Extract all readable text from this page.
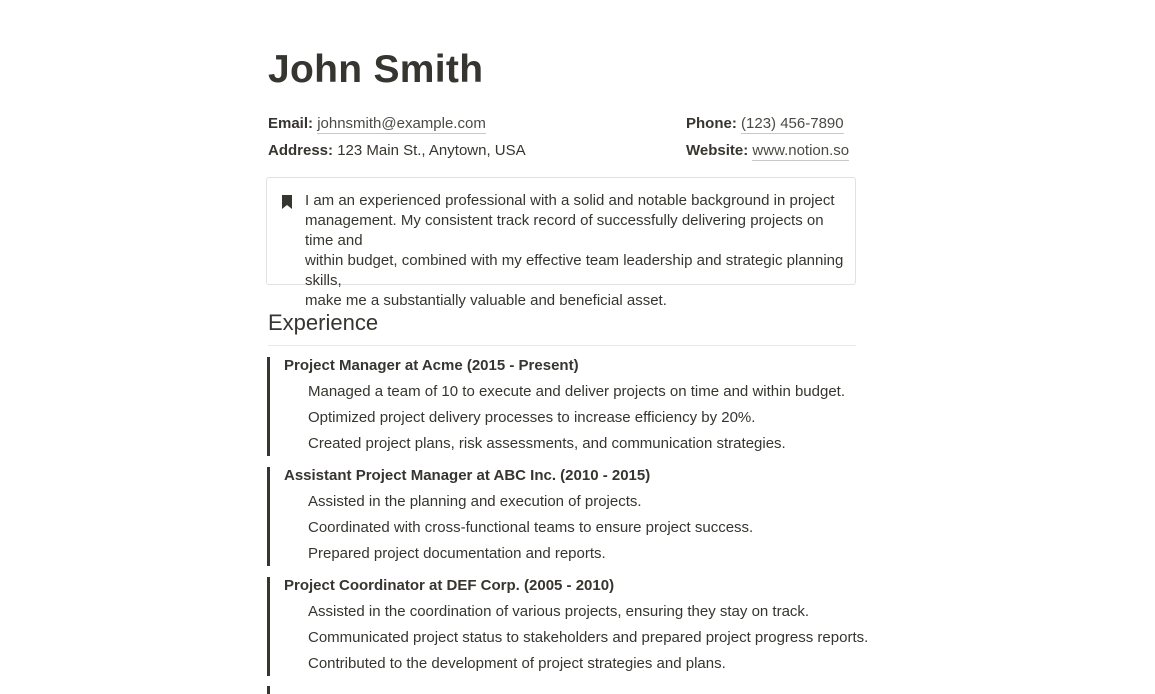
John Smith
Email: johnsmith@example.com	Phone: (123) 456-7890
Address: 123 Main St., Anytown, USA	Website: www.notion.so
I am an experienced professional with a solid and notable background in project
management. My consistent track record of successfully delivering projects on time and
within budget, combined with my effective team leadership and strategic planning skills,
make me a substantially valuable and beneficial asset.
Experience
Project Manager at Acme (2015 - Present)
Managed a team of 10 to execute and deliver projects on time and within budget.
Optimized project delivery processes to increase efficiency by 20%.
Created project plans, risk assessments, and communication strategies.
Assistant Project Manager at ABC Inc. (2010 - 2015)
Assisted in the planning and execution of projects.
Coordinated with cross-functional teams to ensure project success.
Prepared project documentation and reports.
Project Coordinator at DEF Corp. (2005 - 2010)
Assisted in the coordination of various projects, ensuring they stay on track.
Communicated project status to stakeholders and prepared project progress reports.
Contributed to the development of project strategies and plans.
